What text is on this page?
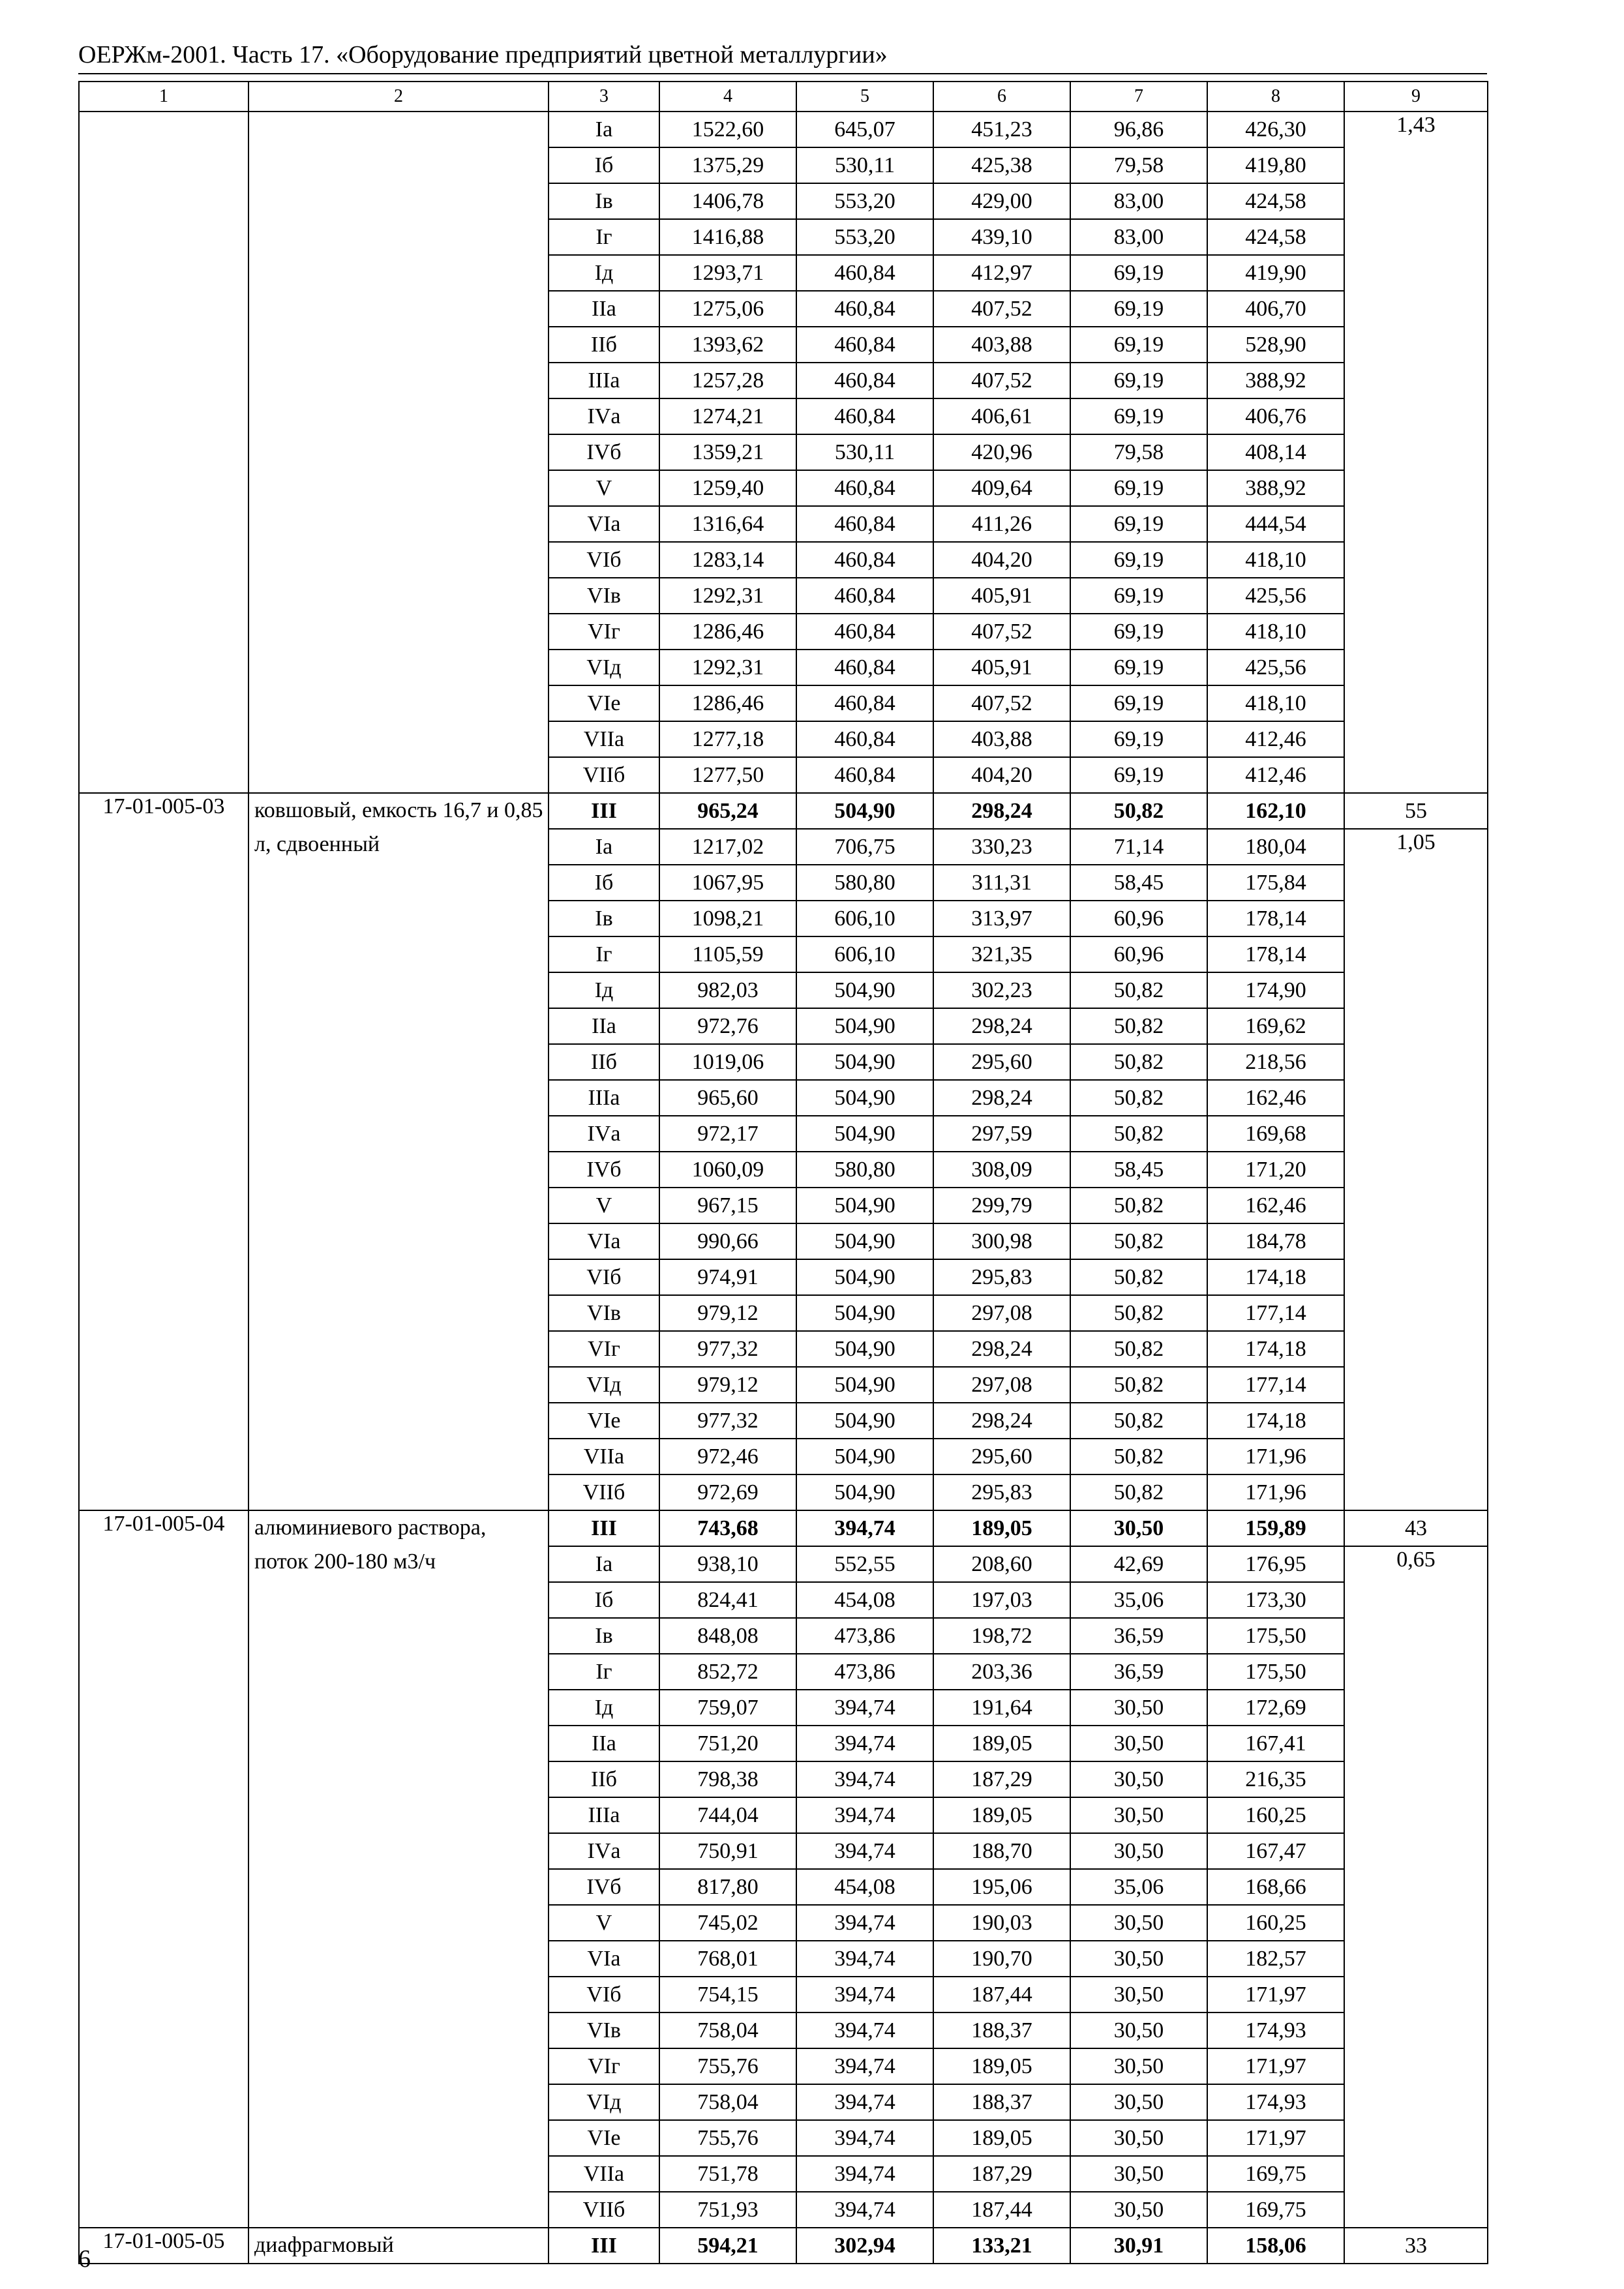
ОЕРЖм-2001. Часть 17. «Оборудование предприятий цветной металлургии»
1	2	3	4	5	6	7	8	9
		Iа	1522,60	645,07	451,23	96,86	426,30	1,43
		Iб	1375,29	530,11	425,38	79,58	419,80	
		Iв	1406,78	553,20	429,00	83,00	424,58	
		Iг	1416,88	553,20	439,10	83,00	424,58	
		Iд	1293,71	460,84	412,97	69,19	419,90	
		IIа	1275,06	460,84	407,52	69,19	406,70	
		IIб	1393,62	460,84	403,88	69,19	528,90	
		IIIа	1257,28	460,84	407,52	69,19	388,92	
		IVа	1274,21	460,84	406,61	69,19	406,76	
		IVб	1359,21	530,11	420,96	79,58	408,14	
		V	1259,40	460,84	409,64	69,19	388,92	
		VIа	1316,64	460,84	411,26	69,19	444,54	
		VIб	1283,14	460,84	404,20	69,19	418,10	
		VIв	1292,31	460,84	405,91	69,19	425,56	
		VIг	1286,46	460,84	407,52	69,19	418,10	
		VIд	1292,31	460,84	405,91	69,19	425,56	
		VIе	1286,46	460,84	407,52	69,19	418,10	
		VIIа	1277,18	460,84	403,88	69,19	412,46	
		VIIб	1277,50	460,84	404,20	69,19	412,46	
17-01-005-03	ковшовый, емкость 16,7 и 0,85 л, сдвоенный	III	965,24	504,90	298,24	50,82	162,10	55
		Iа	1217,02	706,75	330,23	71,14	180,04	1,05
		Iб	1067,95	580,80	311,31	58,45	175,84	
		Iв	1098,21	606,10	313,97	60,96	178,14	
		Iг	1105,59	606,10	321,35	60,96	178,14	
		Iд	982,03	504,90	302,23	50,82	174,90	
		IIа	972,76	504,90	298,24	50,82	169,62	
		IIб	1019,06	504,90	295,60	50,82	218,56	
		IIIа	965,60	504,90	298,24	50,82	162,46	
		IVа	972,17	504,90	297,59	50,82	169,68	
		IVб	1060,09	580,80	308,09	58,45	171,20	
		V	967,15	504,90	299,79	50,82	162,46	
		VIа	990,66	504,90	300,98	50,82	184,78	
		VIб	974,91	504,90	295,83	50,82	174,18	
		VIв	979,12	504,90	297,08	50,82	177,14	
		VIг	977,32	504,90	298,24	50,82	174,18	
		VIд	979,12	504,90	297,08	50,82	177,14	
		VIе	977,32	504,90	298,24	50,82	174,18	
		VIIа	972,46	504,90	295,60	50,82	171,96	
		VIIб	972,69	504,90	295,83	50,82	171,96	
17-01-005-04	алюминиевого раствора, поток 200-180 м3/ч	III	743,68	394,74	189,05	30,50	159,89	43
		Iа	938,10	552,55	208,60	42,69	176,95	0,65
		Iб	824,41	454,08	197,03	35,06	173,30	
		Iв	848,08	473,86	198,72	36,59	175,50	
		Iг	852,72	473,86	203,36	36,59	175,50	
		Iд	759,07	394,74	191,64	30,50	172,69	
		IIа	751,20	394,74	189,05	30,50	167,41	
		IIб	798,38	394,74	187,29	30,50	216,35	
		IIIа	744,04	394,74	189,05	30,50	160,25	
		IVа	750,91	394,74	188,70	30,50	167,47	
		IVб	817,80	454,08	195,06	35,06	168,66	
		V	745,02	394,74	190,03	30,50	160,25	
		VIа	768,01	394,74	190,70	30,50	182,57	
		VIб	754,15	394,74	187,44	30,50	171,97	
		VIв	758,04	394,74	188,37	30,50	174,93	
		VIг	755,76	394,74	189,05	30,50	171,97	
		VIд	758,04	394,74	188,37	30,50	174,93	
		VIе	755,76	394,74	189,05	30,50	171,97	
		VIIа	751,78	394,74	187,29	30,50	169,75	
		VIIб	751,93	394,74	187,44	30,50	169,75	
17-01-005-05	диафрагмовый	III	594,21	302,94	133,21	30,91	158,06	33
6
